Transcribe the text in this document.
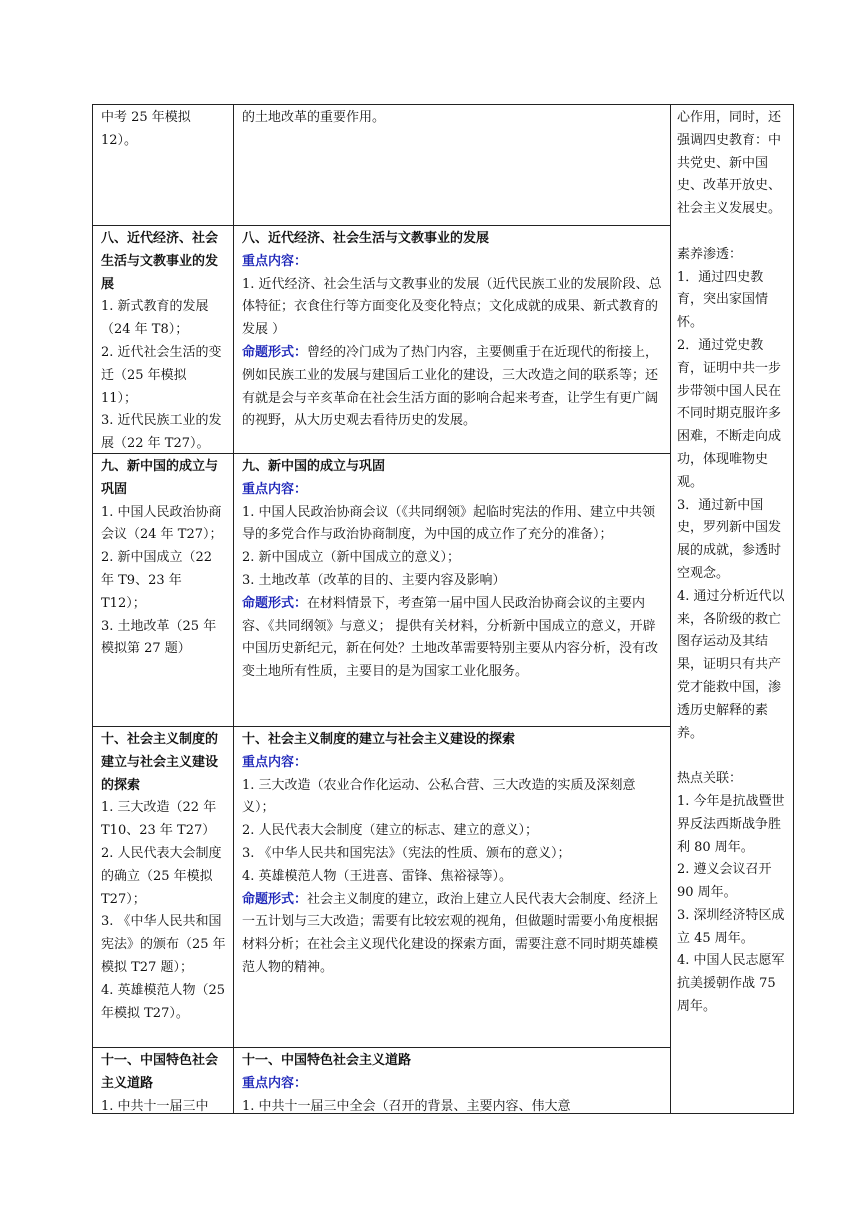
中考 25 年模拟 12）。

的土地改革的重要作用。

八、近代经济、社会生活与文教事业的发展

1. 新式教育的发展（24 年 T8）；

2. 近代社会生活的变迁（25 年模拟 11）；

3. 近代民族工业的发展（22 年 T27）。

八、近代经济、社会生活与文教事业的发展

重点内容：

1. 近代经济、社会生活与文教事业的发展（近代民族工业的发展阶段、总体特征；衣食住行等方面变化及变化特点；文化成就的成果、新式教育的发展 ）

命题形式：曾经的冷门成为了热门内容，主要侧重于在近现代的衔接上，例如民族工业的发展与建国后工业化的建设，三大改造之间的联系等；还有就是会与辛亥革命在社会生活方面的影响合起来考查，让学生有更广阔的视野，从大历史观去看待历史的发展。

九、新中国的成立与巩固

1. 中国人民政治协商会议（24 年 T27）；

2. 新中国成立（22 年 T9、23 年 T12）；

3. 土地改革（25 年模拟第 27 题）

九、新中国的成立与巩固

重点内容：

1. 中国人民政治协商会议（《共同纲领》起临时宪法的作用、建立中共领导的多党合作与政治协商制度，为中国的成立作了充分的准备）；

2. 新中国成立（新中国成立的意义）；

3. 土地改革（改革的目的、主要内容及影响）

命题形式：在材料情景下，考查第一届中国人民政治协商会议的主要内容、《共同纲领》与意义； 提供有关材料，分析新中国成立的意义，开辟中国历史新纪元，新在何处？土地改革需要特别主要从内容分析，没有改变土地所有性质，主要目的是为国家工业化服务。

十、社会主义制度的建立与社会主义建设的探索

1. 三大改造（22 年 T10、23 年 T27）

2. 人民代表大会制度的确立（25 年模拟 T27）；

3. 《中华人民共和国宪法》的颁布（25 年模拟 T27 题）；

4. 英雄模范人物（25 年模拟 T27）。

十、社会主义制度的建立与社会主义建设的探索

重点内容：

1. 三大改造（农业合作化运动、公私合营、三大改造的实质及深刻意义）；

2. 人民代表大会制度（建立的标志、建立的意义）；

3. 《中华人民共和国宪法》（宪法的性质、颁布的意义）；

4. 英雄模范人物（王进喜、雷锋、焦裕禄等）。

命题形式：社会主义制度的建立，政治上建立人民代表大会制度、经济上一五计划与三大改造；需要有比较宏观的视角，但做题时需要小角度根据材料分析；在社会主义现代化建设的探索方面，需要注意不同时期英雄模范人物的精神。

十一、中国特色社会主义道路

1. 中共十一届三中

十一、中国特色社会主义道路

重点内容：

1. 中共十一届三中全会（召开的背景、主要内容、伟大意

心作用，同时，还强调四史教育：中共党史、新中国史、改革开放史、社会主义发展史。

素养渗透：

1．通过四史教育，突出家国情怀。

2．通过党史教育，证明中共一步步带领中国人民在不同时期克服许多困难，不断走向成功，体现唯物史观。

3．通过新中国史，罗列新中国发展的成就，参透时空观念。

4. 通过分析近代以来，各阶级的救亡图存运动及其结果，证明只有共产党才能救中国，渗透历史解释的素养。

热点关联：

1. 今年是抗战暨世界反法西斯战争胜利 80 周年。

2. 遵义会议召开 90 周年。

3. 深圳经济特区成立 45 周年。

4. 中国人民志愿军抗美援朝作战 75 周年。
